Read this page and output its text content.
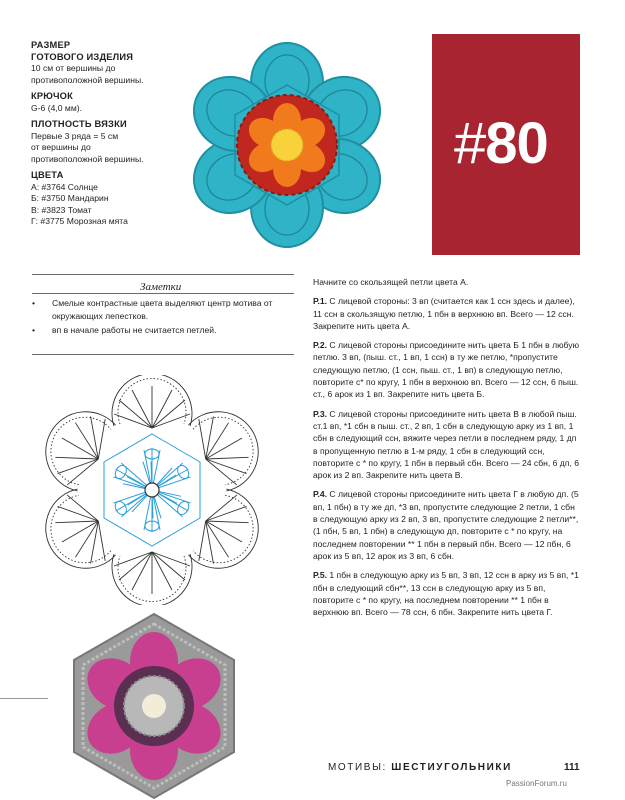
РАЗМЕР
ГОТОВОГО ИЗДЕЛИЯ
10 см от вершины до
противоположной вершины.
КРЮЧОК
G-6 (4,0 мм).
ПЛОТНОСТЬ ВЯЗКИ
Первые 3 ряда = 5 см
от вершины до
противоположной вершины.
ЦВЕТА
А: #3764 Солнце
Б: #3750 Мандарин
В: #3823 Томат
Г: #3775 Морозная мята
#80
Заметки
• Смелые контрастные цвета выделяют центр мотива от окружающих лепестков.
• вп в начале работы не считается петлей.

Начните со скользящей петли цвета А.

Р.1. С лицевой стороны: 3 вп (считается как 1 ссн здесь и далее), 11 ссн в скользящую петлю, 1 пбн в верхнюю вп. Всего — 12 ссн. Закрепите нить цвета А.

Р.2. С лицевой стороны присоедините нить цвета Б 1 пбн в любую петлю. 3 вп, (пыш. ст., 1 вп, 1 ссн) в ту же петлю, *пропустите следующую петлю, (1 ссн, пыш. ст., 1 вп) в следующую петлю, повторите с* по кругу, 1 пбн в верхнюю вп. Всего — 12 ссн, 6 пыш. ст., 6 арок из 1 вп. Закрепите нить цвета Б.

Р.3. С лицевой стороны присоедините нить цвета В в любой пыш. ст.1 вп, *1 сбн в пыш. ст., 2 вп, 1 сбн в следующую арку из 1 вп, 1 сбн в следующий ссн, вяжите через петли в последнем ряду, 1 дп в пропущенную петлю в 1-м ряду, 1 сбн в следующий ссн, повторите с * по кругу, 1 пбн в первый сбн. Всего — 24 сбн, 6 дп, 6 арок из 2 вп. Закрепите нить цвета В.

Р.4. С лицевой стороны присоедините нить цвета Г в любую дп. (5 вп, 1 пбн) в ту же дп, *3 вп, пропустите следующие 2 петли, 1 сбн в следующую арку из 2 вп, 3 вп, пропустите следующие 2 петли**, (1 пбн, 5 вп, 1 пбн) в следующую дп, повторите с * по кругу, на последнем повторении ** 1 пбн в первый пбн. Всего — 12 пбн, 6 арок из 5 вп, 12 арок из 3 вп, 6 сбн.

Р.5. 1 пбн в следующую арку из 5 вп, 3 вп, 12 ссн в арку из 5 вп, *1 пбн в следующий сбн**, 13 ссн в следующую арку из 5 вп, повторите с * по кругу, на последнем повторении ** 1 пбн в верхнюю вп. Всего — 78 ссн, 6 пбн. Закрепите нить цвета Г.

МОТИВЫ: ШЕСТИУГОЛЬНИКИ	111
PassionForum.ru
